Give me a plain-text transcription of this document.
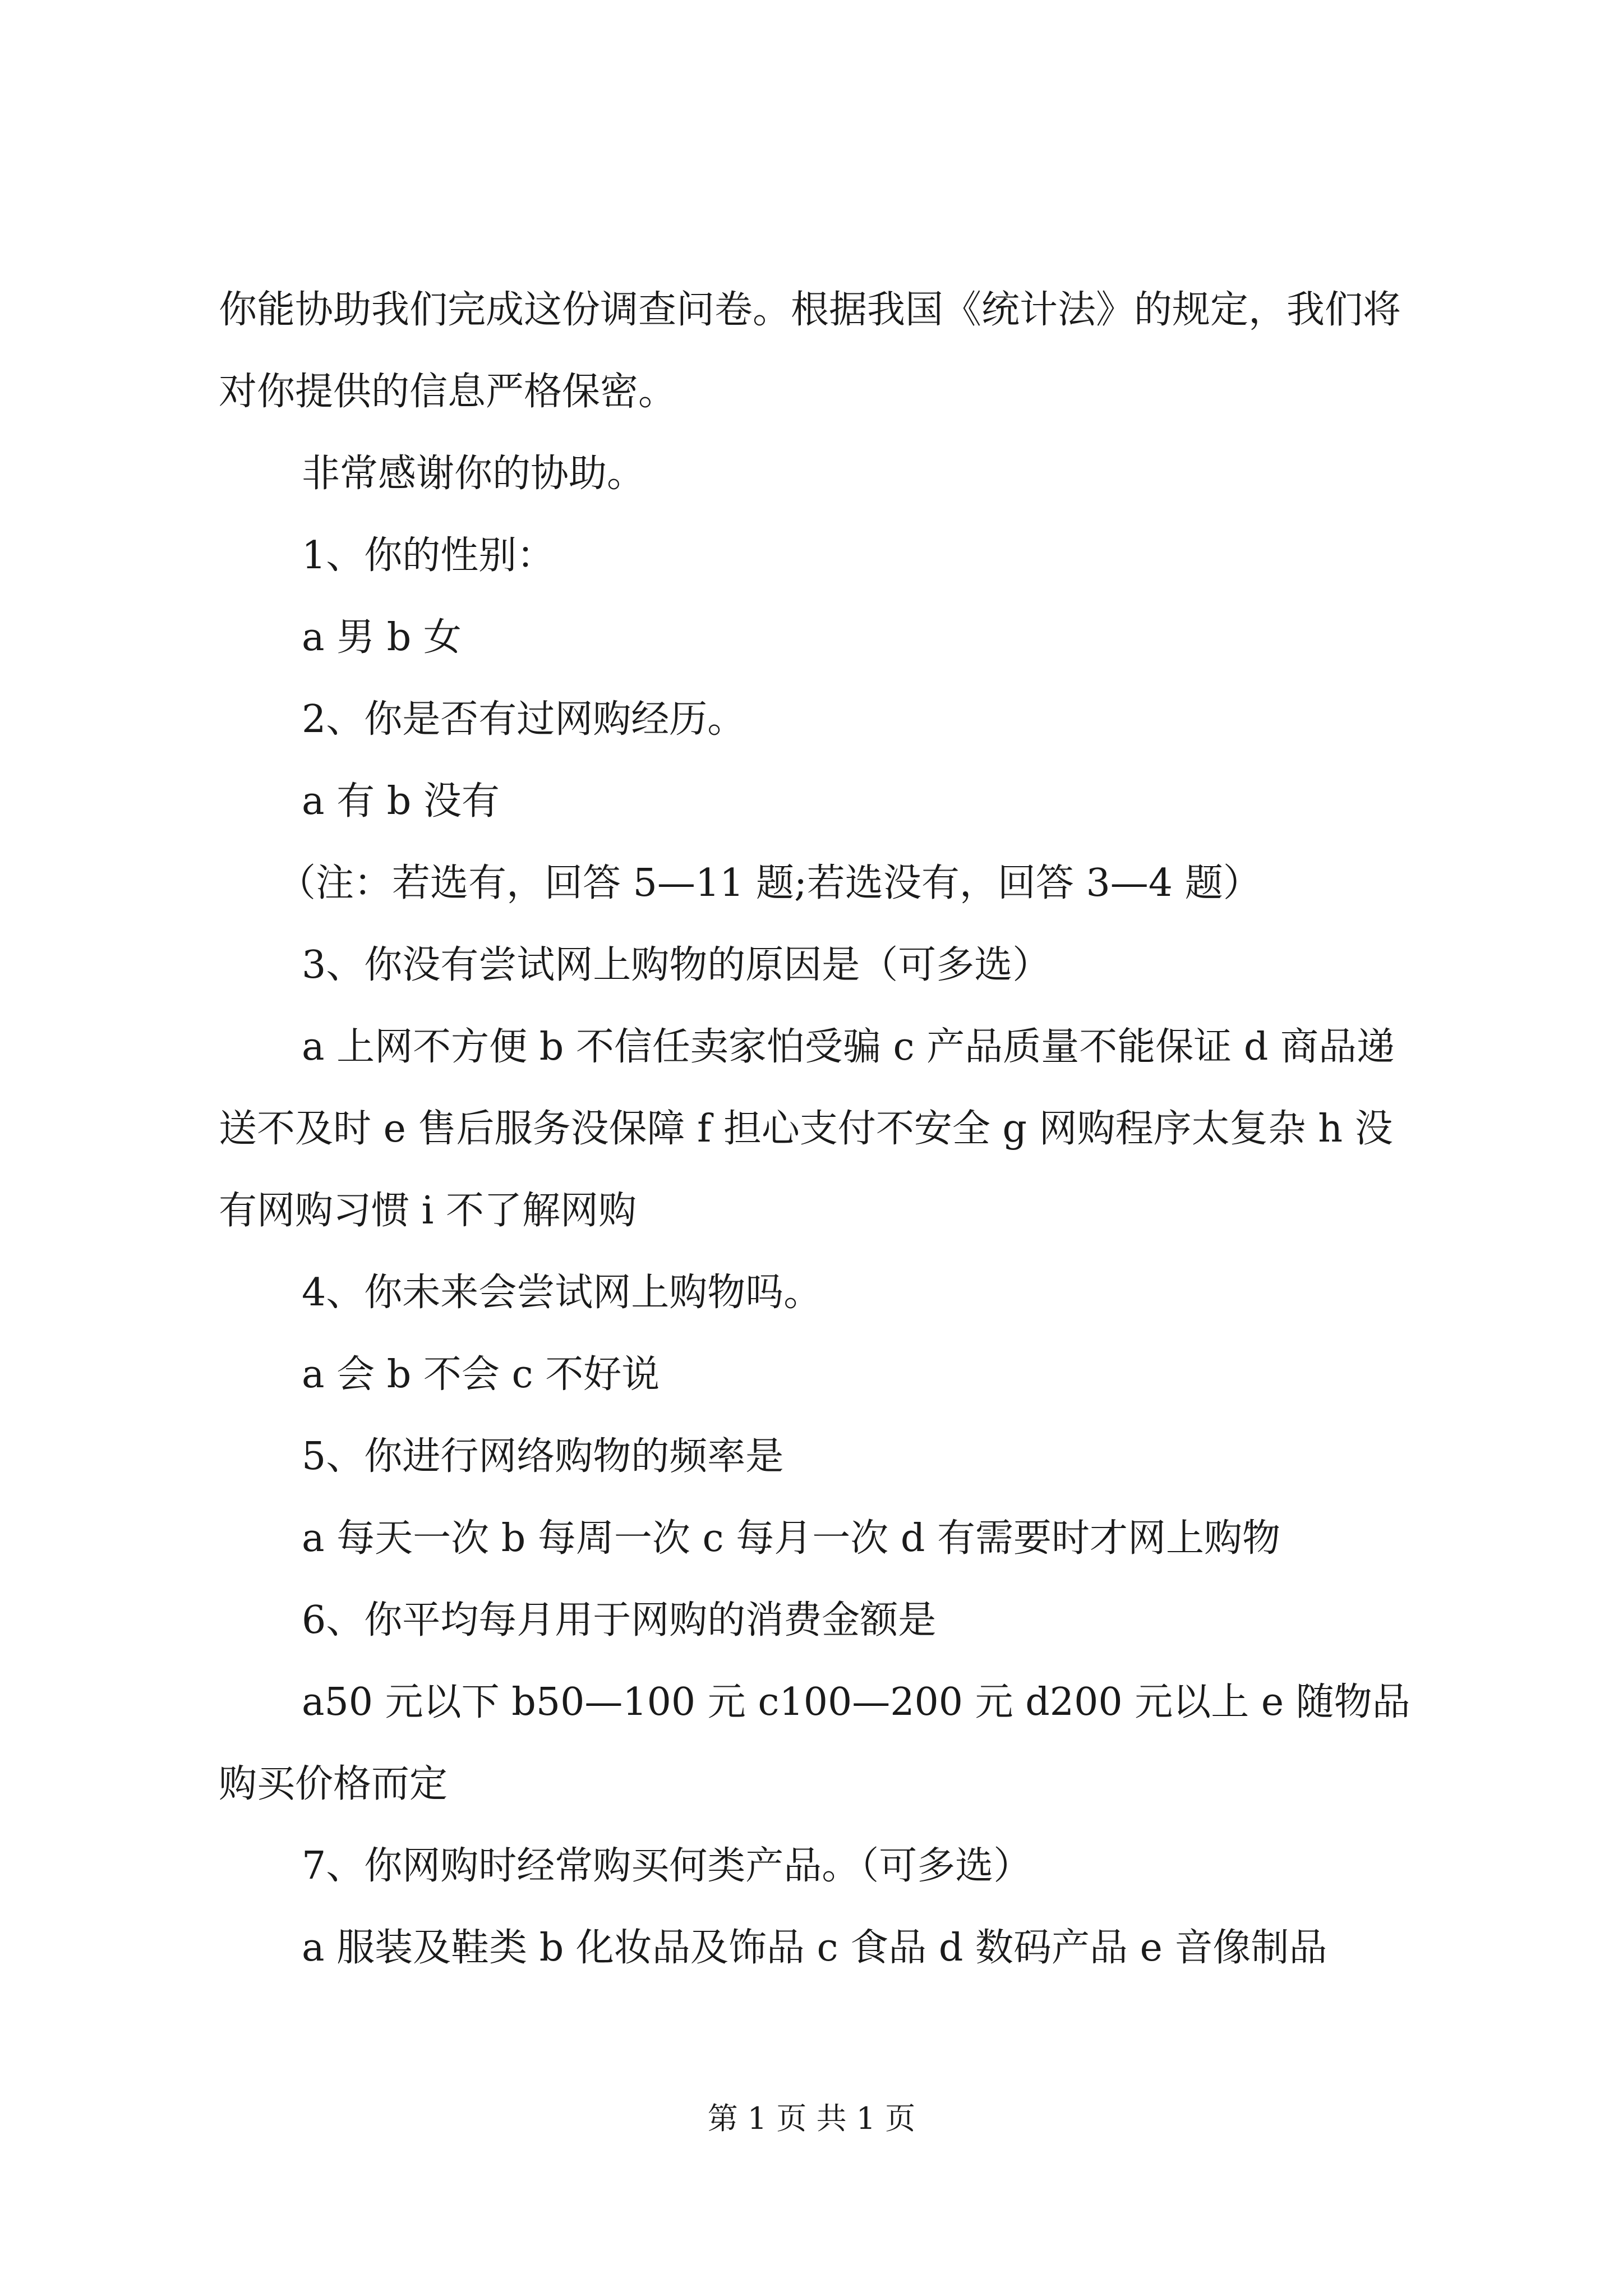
你能协助我们完成这份调查问卷。根据我国《统计法》的规定，我们将对你提供的信息严格保密。

非常感谢你的协助。

1、你的性别：

a 男 b 女

2、你是否有过网购经历。

a 有 b 没有

（注：若选有，回答 5—11 题;若选没有，回答 3—4 题）

3、你没有尝试网上购物的原因是（可多选）

a 上网不方便 b 不信任卖家怕受骗 c 产品质量不能保证 d 商品递送不及时 e 售后服务没保障 f 担心支付不安全 g 网购程序太复杂 h 没有网购习惯 i 不了解网购

4、你未来会尝试网上购物吗。

a 会 b 不会 c 不好说

5、你进行网络购物的频率是

a 每天一次 b 每周一次 c 每月一次 d 有需要时才网上购物

6、你平均每月用于网购的消费金额是

a50 元以下 b50—100 元 c100—200 元 d200 元以上 e 随物品购买价格而定

7、你网购时经常购买何类产品。（可多选）

a 服装及鞋类 b 化妆品及饰品 c 食品 d 数码产品 e 音像制品

第 1 页 共 1 页
